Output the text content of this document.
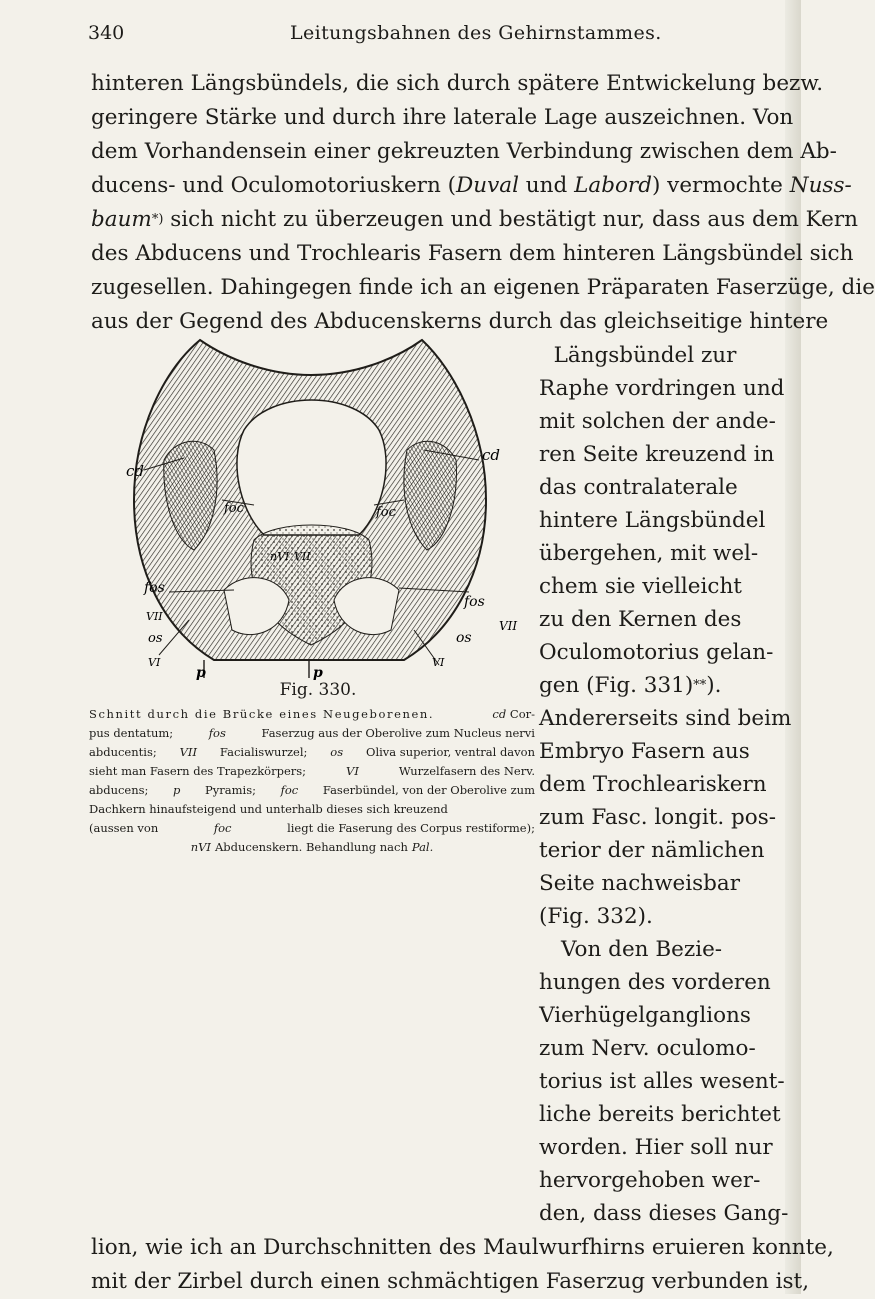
340	Leitungsbahnen des Gehirnstammes.
hinteren Längsbündels, die sich durch spätere Entwickelung bezw.
geringere Stärke und durch ihre laterale Lage auszeichnen. Von
dem Vorhandensein einer gekreuzten Verbindung zwischen dem Ab-
ducens- und Oculomotoriuskern ( Duval und Labord ) vermochte Nuss-
baum *) sich nicht zu überzeugen und bestätigt nur, dass aus dem Kern
des Abducens und Trochlearis Fasern dem hinteren Längsbündel sich
zugesellen. Dahingegen finde ich an eigenen Präparaten Faserzüge, die
aus der Gegend des Abducenskerns durch das gleichseitige hintere
Längsbündel zur
Raphe vordringen und
mit solchen der ande-
ren Seite kreuzend in
das contralaterale
hintere Längsbündel
übergehen, mit wel-
chem sie vielleicht
zu den Kernen des
Oculomotorius gelan-
gen (Fig. 331) ** ).
Andererseits sind beim
Embryo Fasern aus
dem Trochleariskern
zum Fasc. longit. pos-
terior der nämlichen
Seite nachweisbar
(Fig. 332).
Von den Bezie-
hungen des vorderen
Vierhügelganglions
zum Nerv. oculomo-
torius ist alles wesent-
liche bereits berichtet
worden. Hier soll nur
hervorgehoben wer-
den, dass dieses Gang-
cd
cd
foc	foc
nVI VII
VII
fos
fos
VII
os	os
VI	VI
p	p
Fig. 330.
Schnitt durch die Brücke eines Neugeborenen.	cd Cor-
pus dentatum;	fos	Faserzug aus der Oberolive zum Nucleus nervi
abducentis; VII Facialiswurzel; os Oliva superior, ventral davon
sieht man Fasern des Trapezkörpers;	VI	Wurzelfasern des Nerv.
abducens; p Pyramis; foc Faserbündel, von der Oberolive zum
Dachkern hinaufsteigend und unterhalb dieses sich kreuzend
(aussen von	foc	liegt die Faserung des Corpus restiforme);
nVI Abducenskern. Behandlung nach Pal.
lion, wie ich an Durchschnitten des Maulwurfhirns eruieren konnte,
mit der Zirbel durch einen schmächtigen Faserzug verbunden ist,
